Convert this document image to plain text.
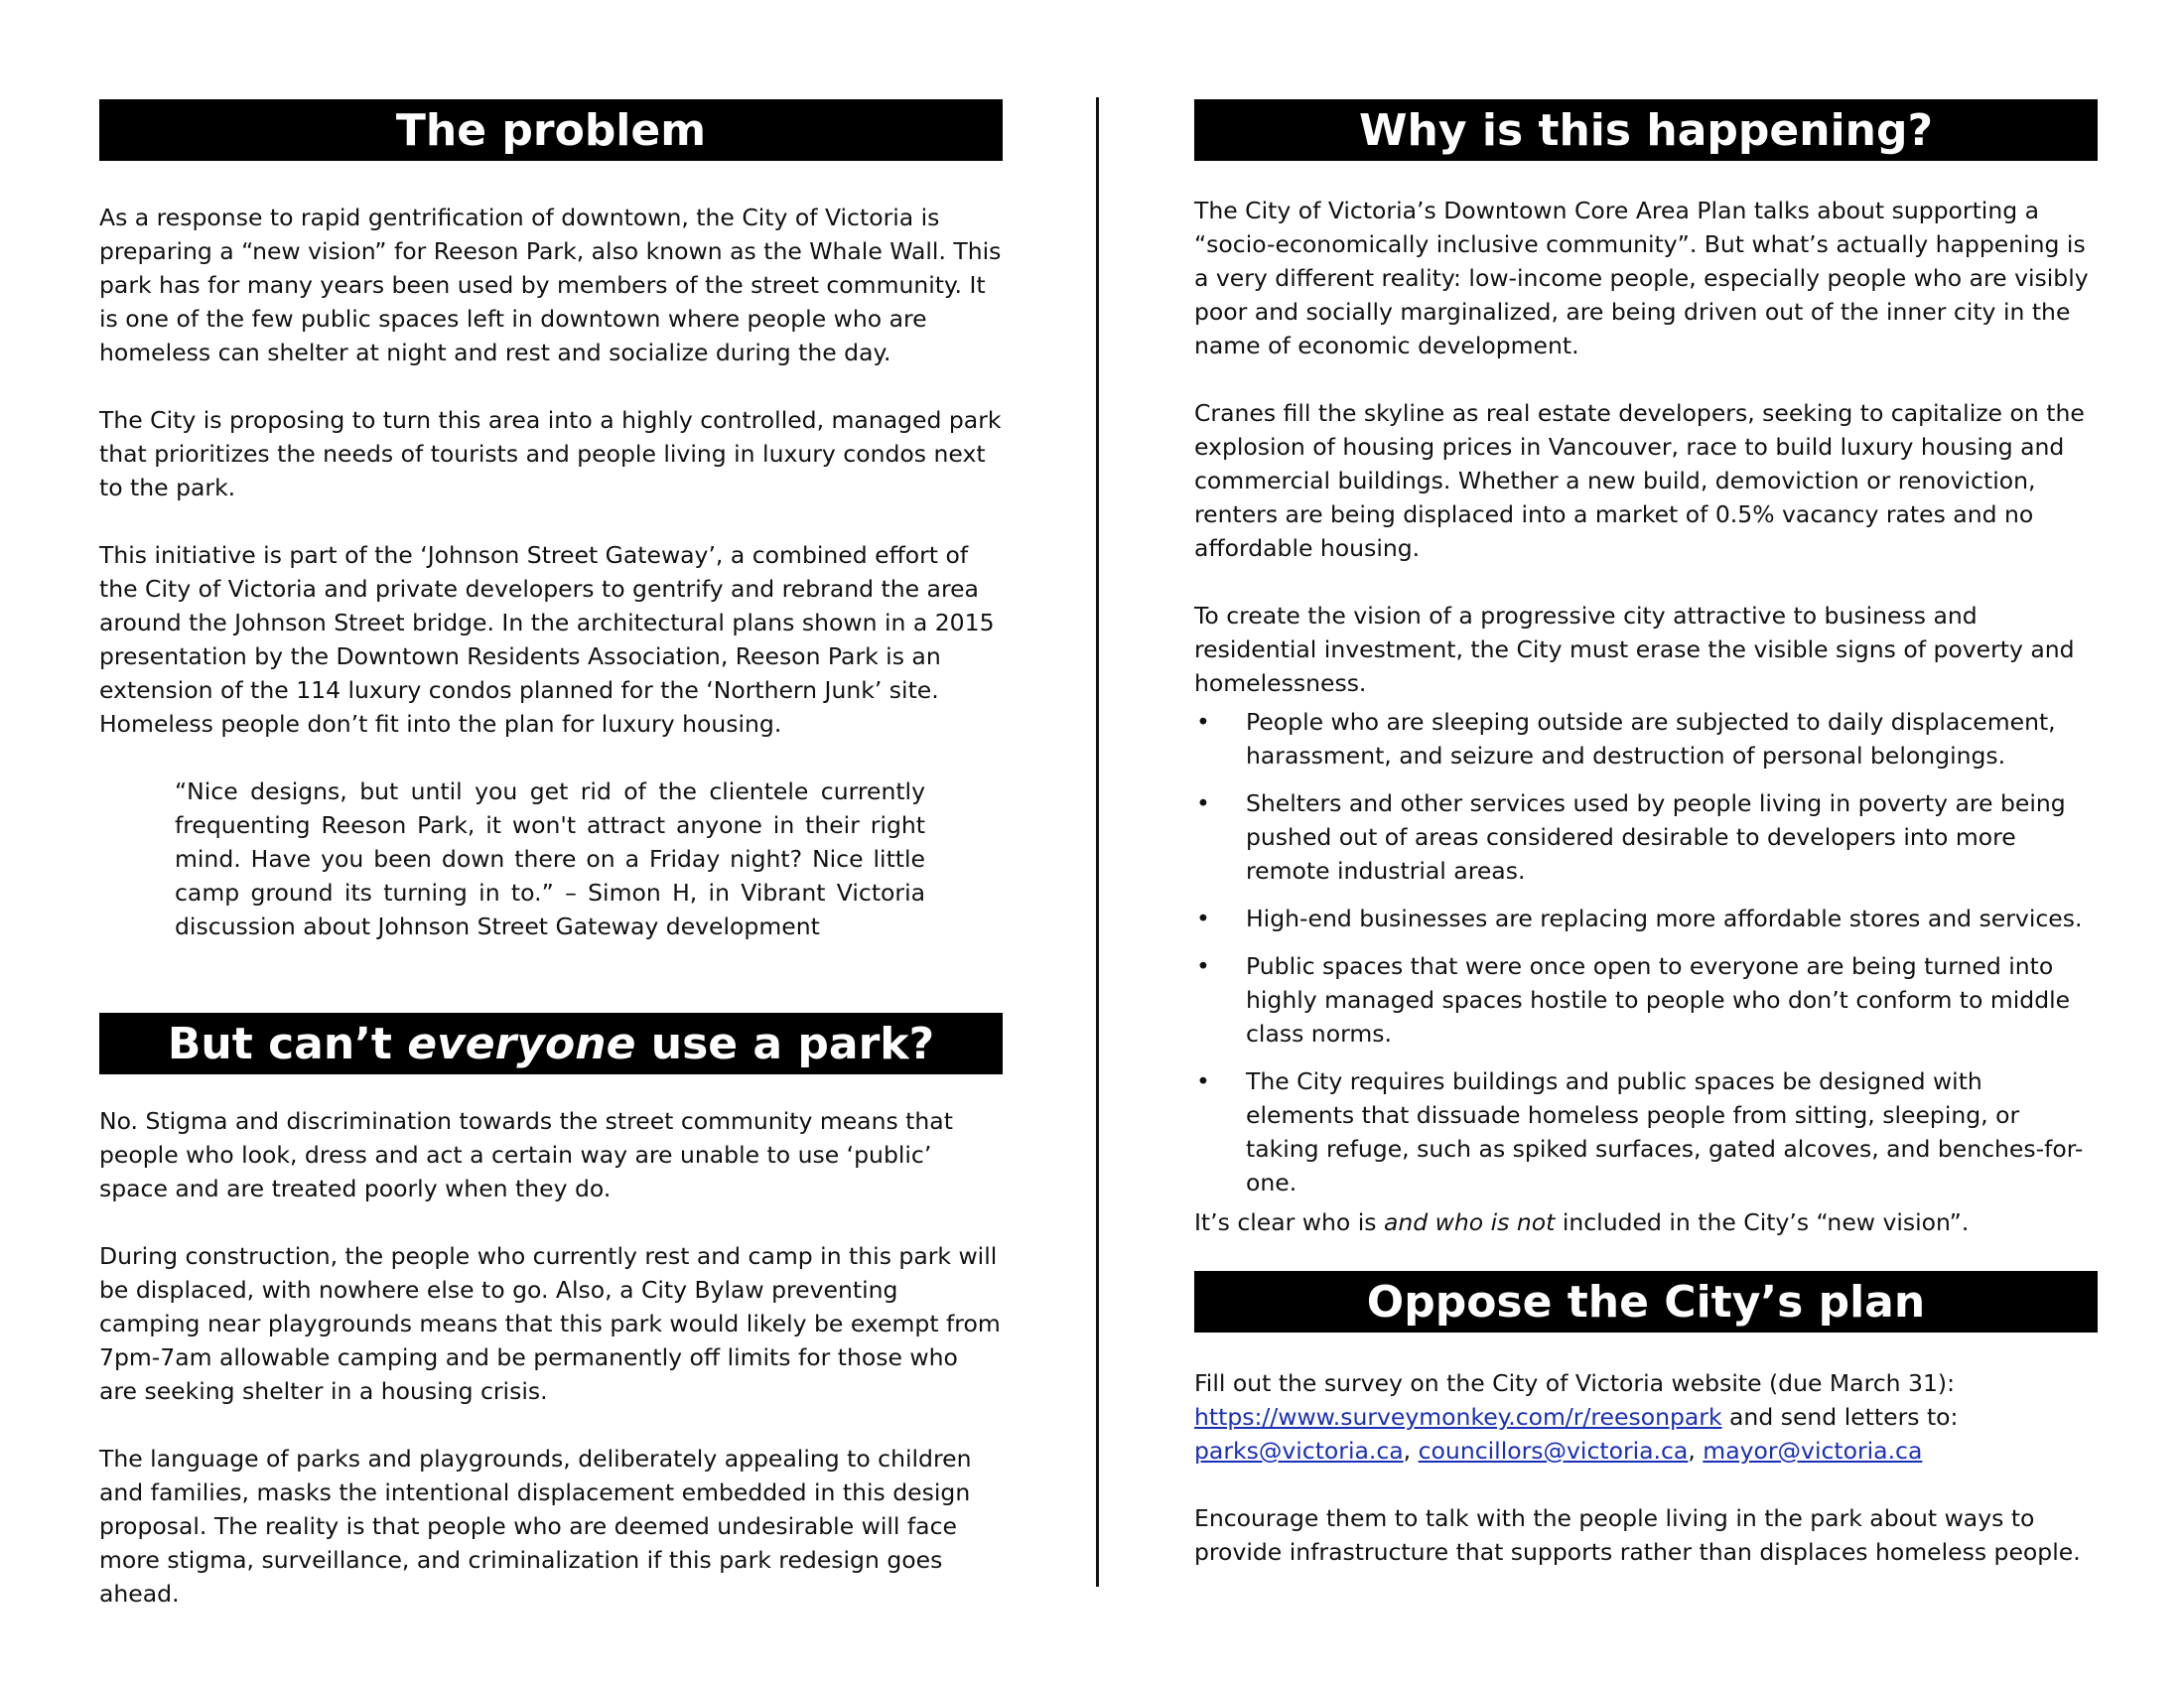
The problem

As a response to rapid gentrification of downtown, the City of Victoria is preparing a “new vision” for Reeson Park, also known as the Whale Wall. This park has for many years been used by members of the street community. It is one of the few public spaces left in downtown where people who are homeless can shelter at night and rest and socialize during the day.

The City is proposing to turn this area into a highly controlled, managed park that prioritizes the needs of tourists and people living in luxury condos next to the park.

This initiative is part of the ‘Johnson Street Gateway’, a combined effort of the City of Victoria and private developers to gentrify and rebrand the area around the Johnson Street bridge. In the architectural plans shown in a 2015 presentation by the Downtown Residents Association, Reeson Park is an extension of the 114 luxury condos planned for the ‘Northern Junk’ site. Homeless people don’t fit into the plan for luxury housing.

“Nice designs, but until you get rid of the clientele currently frequenting Reeson Park, it won't attract anyone in their right mind. Have you been down there on a Friday night? Nice little camp ground its turning in to.” – Simon H, in Vibrant Victoria discussion about Johnson Street Gateway development

But can’t everyone use a park?

No. Stigma and discrimination towards the street community means that people who look, dress and act a certain way are unable to use ‘public’ space and are treated poorly when they do.

During construction, the people who currently rest and camp in this park will be displaced, with nowhere else to go. Also, a City Bylaw preventing camping near playgrounds means that this park would likely be exempt from 7pm-7am allowable camping and be permanently off limits for those who are seeking shelter in a housing crisis.

The language of parks and playgrounds, deliberately appealing to children and families, masks the intentional displacement embedded in this design proposal. The reality is that people who are deemed undesirable will face more stigma, surveillance, and criminalization if this park redesign goes ahead.

Why is this happening?

The City of Victoria’s Downtown Core Area Plan talks about supporting a “socio-economically inclusive community”. But what’s actually happening is a very different reality: low-income people, especially people who are visibly poor and socially marginalized, are being driven out of the inner city in the name of economic development.

Cranes fill the skyline as real estate developers, seeking to capitalize on the explosion of housing prices in Vancouver, race to build luxury housing and commercial buildings. Whether a new build, demoviction or renoviction, renters are being displaced into a market of 0.5% vacancy rates and no affordable housing.

To create the vision of a progressive city attractive to business and residential investment, the City must erase the visible signs of poverty and homelessness.

• People who are sleeping outside are subjected to daily displacement, harassment, and seizure and destruction of personal belongings.
• Shelters and other services used by people living in poverty are being pushed out of areas considered desirable to developers into more remote industrial areas.
• High-end businesses are replacing more affordable stores and services.
• Public spaces that were once open to everyone are being turned into highly managed spaces hostile to people who don’t conform to middle class norms.
• The City requires buildings and public spaces be designed with elements that dissuade homeless people from sitting, sleeping, or taking refuge, such as spiked surfaces, gated alcoves, and benches-for-one.

It’s clear who is and who is not included in the City’s “new vision”.

Oppose the City’s plan

Fill out the survey on the City of Victoria website (due March 31):
https://www.surveymonkey.com/r/reesonpark and send letters to:
parks@victoria.ca, councillors@victoria.ca, mayor@victoria.ca

Encourage them to talk with the people living in the park about ways to provide infrastructure that supports rather than displaces homeless people.
